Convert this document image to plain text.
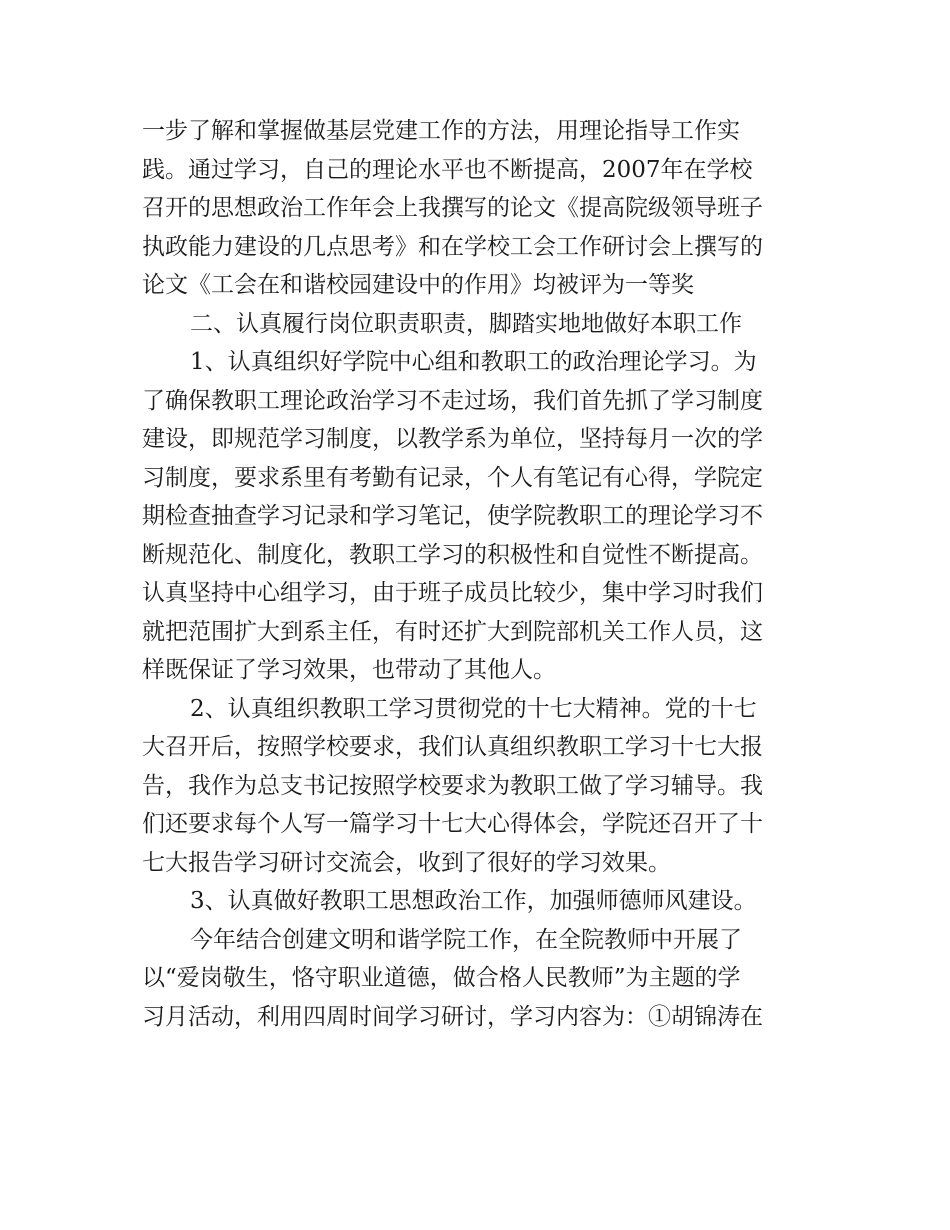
一步了解和掌握做基层党建工作的方法，用理论指导工作实
践。通过学习，自己的理论水平也不断提高，2007年在学校
召开的思想政治工作年会上我撰写的论文《提高院级领导班子
执政能力建设的几点思考》和在学校工会工作研讨会上撰写的
论文《工会在和谐校园建设中的作用》均被评为一等奖
二、认真履行岗位职责职责，脚踏实地地做好本职工作
1、认真组织好学院中心组和教职工的政治理论学习。为
了确保教职工理论政治学习不走过场，我们首先抓了学习制度
建设，即规范学习制度，以教学系为单位，坚持每月一次的学
习制度，要求系里有考勤有记录，个人有笔记有心得，学院定
期检查抽查学习记录和学习笔记，使学院教职工的理论学习不
断规范化、制度化，教职工学习的积极性和自觉性不断提高。
认真坚持中心组学习，由于班子成员比较少，集中学习时我们
就把范围扩大到系主任，有时还扩大到院部机关工作人员，这
样既保证了学习效果，也带动了其他人。
2、认真组织教职工学习贯彻党的十七大精神。党的十七
大召开后，按照学校要求，我们认真组织教职工学习十七大报
告，我作为总支书记按照学校要求为教职工做了学习辅导。我
们还要求每个人写一篇学习十七大心得体会，学院还召开了十
七大报告学习研讨交流会，收到了很好的学习效果。
3、认真做好教职工思想政治工作，加强师德师风建设。
今年结合创建文明和谐学院工作，在全院教师中开展了
以“爱岗敬生，恪守职业道德，做合格人民教师”为主题的学
习月活动，利用四周时间学习研讨，学习内容为：①胡锦涛在
